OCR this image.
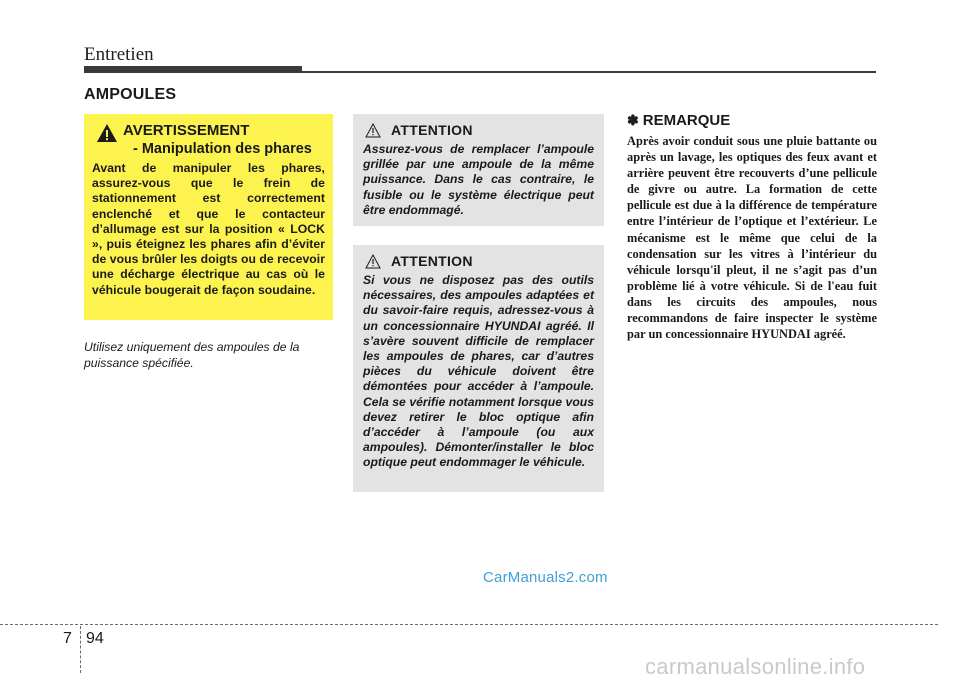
Entretien
AMPOULES
AVERTISSEMENT
- Manipulation des phares
Avant de manipuler les phares, assurez-vous que le frein de stationnement est correctement enclenché et que le contacteur d’allumage est sur la position « LOCK », puis éteignez les phares afin d’éviter de vous brûler les doigts ou de recevoir une décharge électrique au cas où le véhicule bougerait de façon soudaine.
Utilisez uniquement des ampoules de la puissance spécifiée.
ATTENTION
Assurez-vous de remplacer l’ampoule grillée par une ampoule de la même puissance. Dans le cas contraire, le fusible ou le système électrique peut être endommagé.
ATTENTION
Si vous ne disposez pas des outils nécessaires, des ampoules adaptées et du savoir-faire requis, adressez-vous à un concessionnaire HYUNDAI agréé. Il s’avère souvent difficile de remplacer les ampoules de phares, car d’autres pièces du véhicule doivent être démontées pour accéder à l’ampoule. Cela se vérifie notamment lorsque vous devez retirer le bloc optique afin d’accéder à l’ampoule (ou aux ampoules). Démonter/installer le bloc optique peut endommager le véhicule.
✽ REMARQUE
Après avoir conduit sous une pluie battante ou après un lavage, les optiques des feux avant et arrière peuvent être recouverts d’une pellicule de givre ou autre. La formation de cette pellicule est due à la différence de température entre l’intérieur de l’optique et l’extérieur. Le mécanisme est le même que celui de la condensation sur les vitres à l’intérieur du véhicule lorsqu'il pleut, il ne s’agit pas d’un problème lié à votre véhicule. Si de l'eau fuit dans les circuits des ampoules, nous recommandons de faire inspecter le système par un concessionnaire HYUNDAI agréé.
CarManuals2.com
7 94
carmanualsonline.info
